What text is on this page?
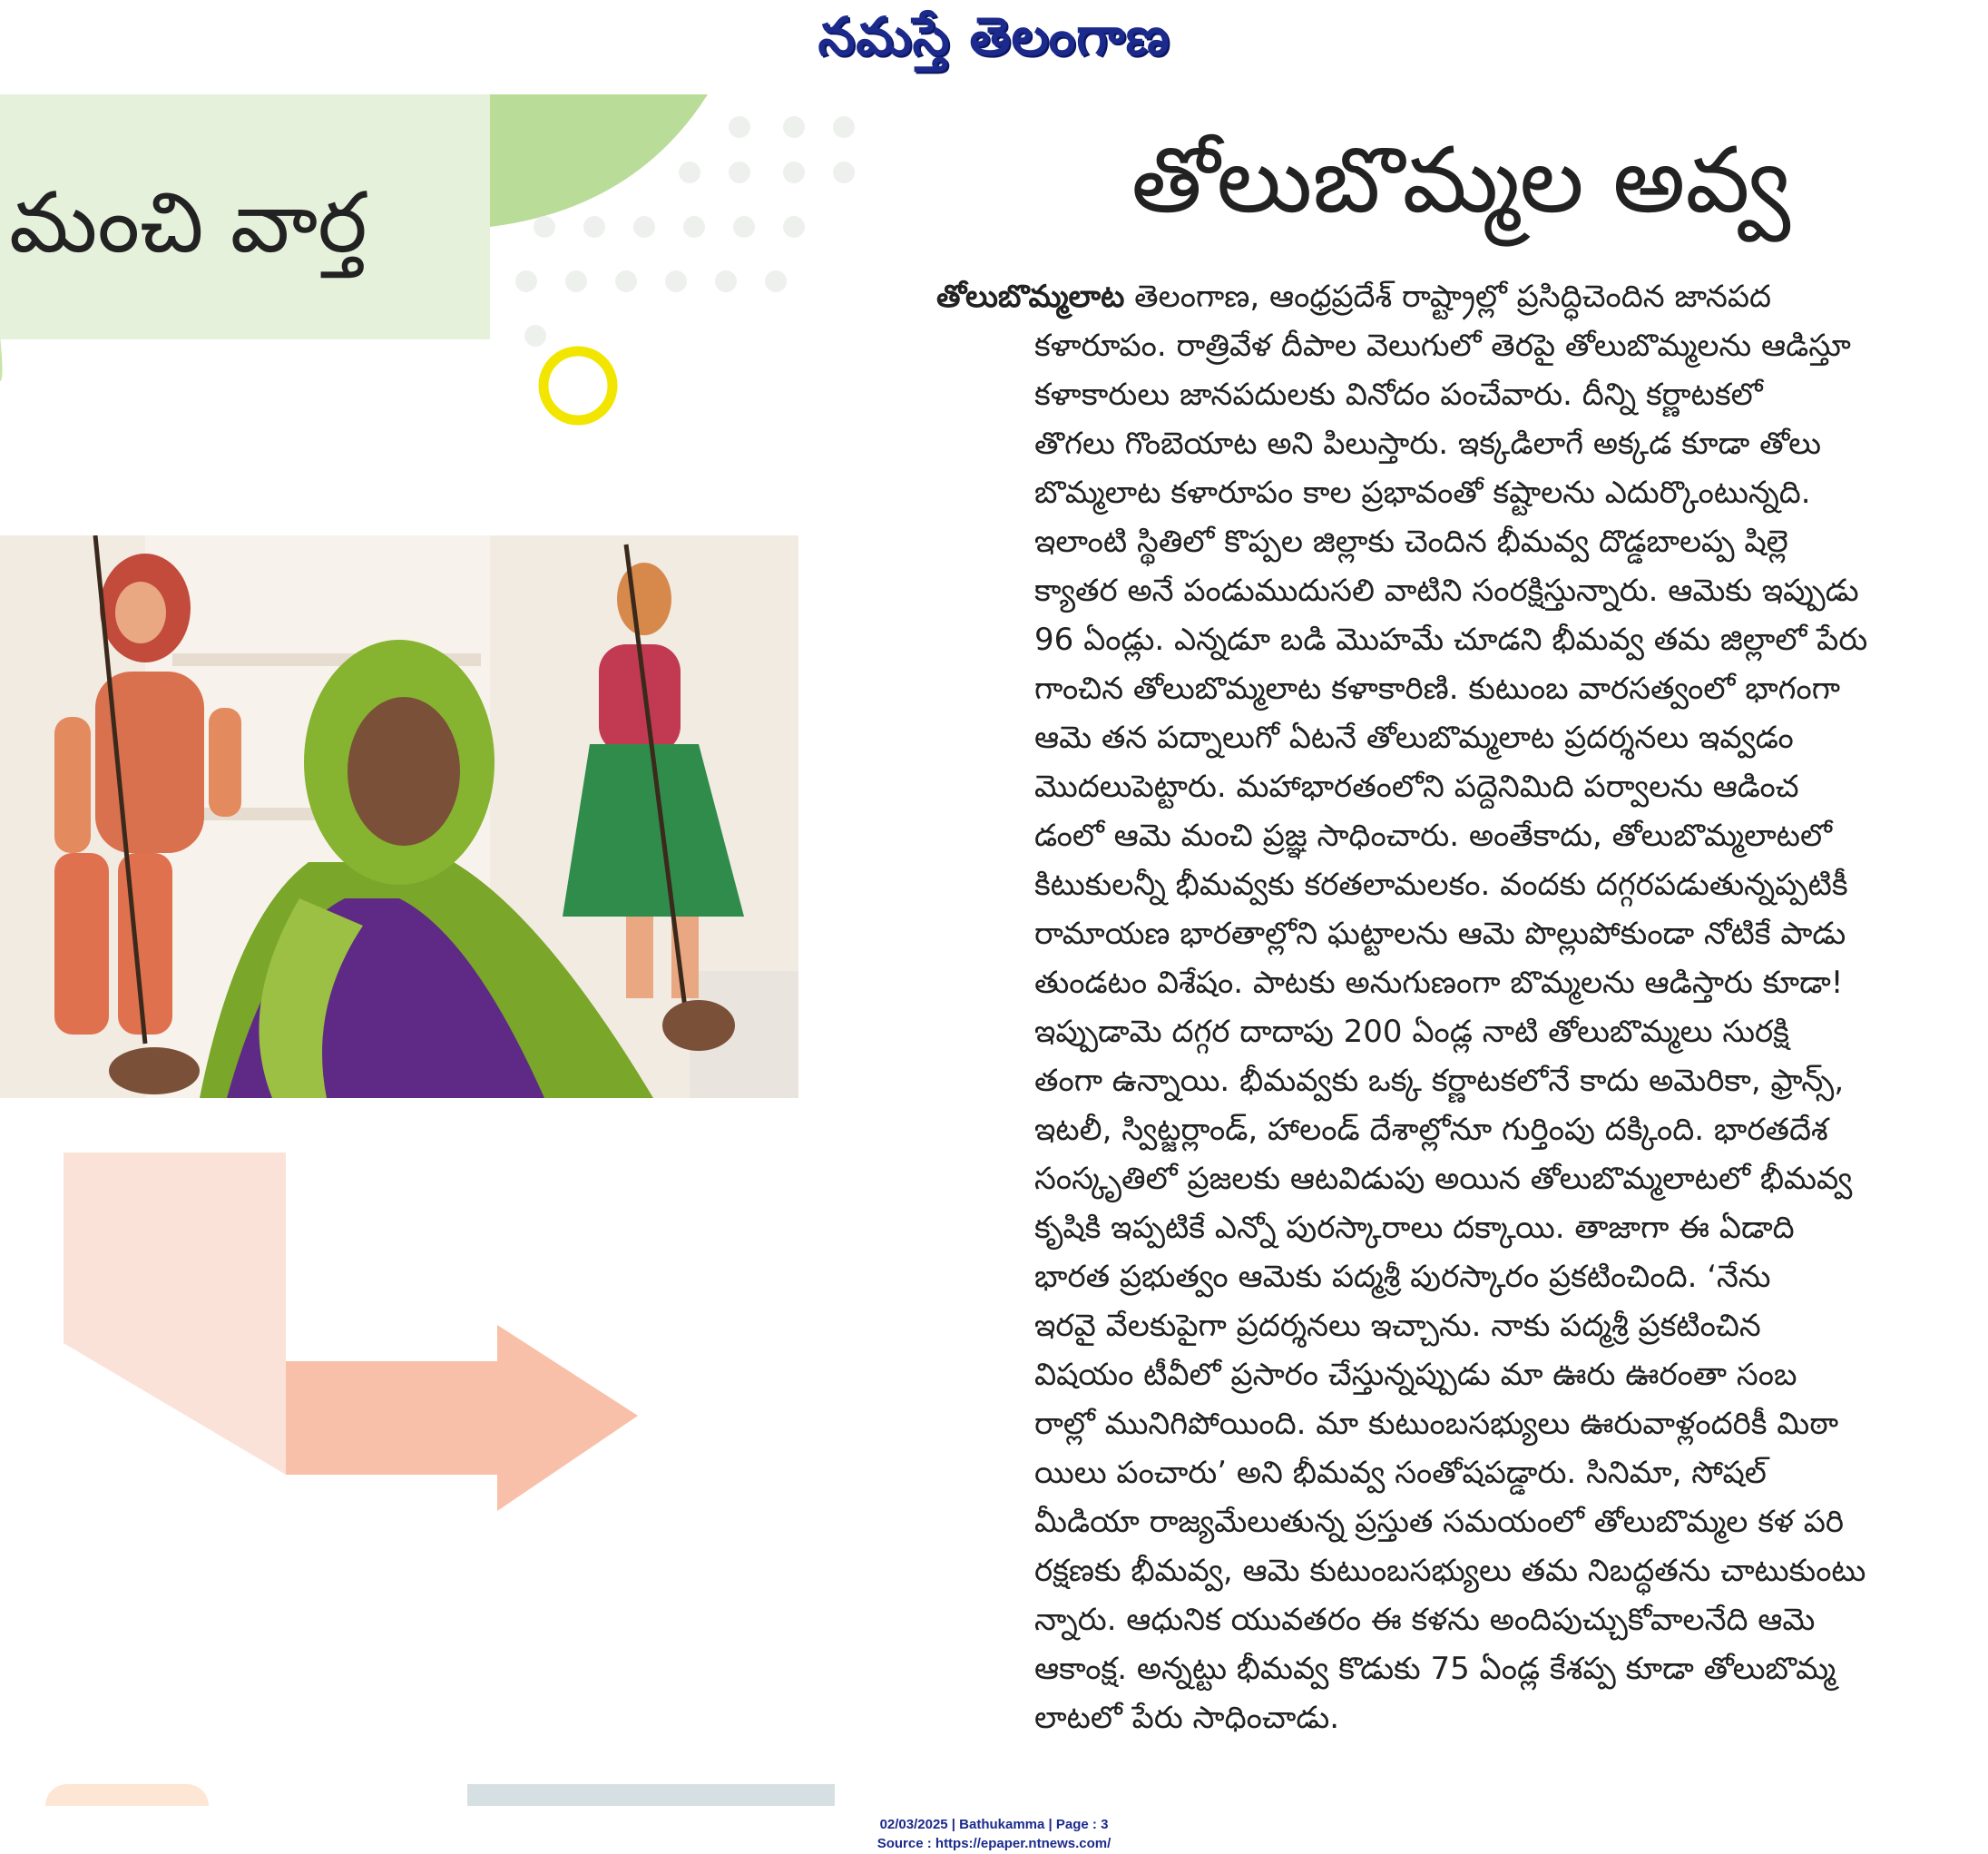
నమస్తే తెలంగాణ
మంచి వార్త	తోలుబొమ్మల అవ్వ
తోలుబొమ్మలాట తెలంగాణ, ఆంధ్రప్రదేశ్ రాష్ట్రాల్లో ప్రసిద్ధిచెందిన జానపద
కళారూపం. రాత్రివేళ దీపాల వెలుగులో తెరపై తోలుబొమ్మలను ఆడిస్తూ
కళాకారులు జానపదులకు వినోదం పంచేవారు. దీన్ని కర్ణాటకలో
తొగలు గొంబెయాట అని పిలుస్తారు. ఇక్కడిలాగే అక్కడ కూడా తోలు
బొమ్మలాట కళారూపం కాల ప్రభావంతో కష్టాలను ఎదుర్కొంటున్నది.
ఇలాంటి స్థితిలో కొప్పల జిల్లాకు చెందిన భీమవ్వ దొడ్డబాలప్ప షిల్లె
క్యాతర అనే పండుముదుసలి వాటిని సంరక్షిస్తున్నారు. ఆమెకు ఇప్పుడు
96 ఏండ్లు. ఎన్నడూ బడి మొహమే చూడని భీమవ్వ తమ జిల్లాలో పేరు
గాంచిన తోలుబొమ్మలాట కళాకారిణి. కుటుంబ వారసత్వంలో భాగంగా
ఆమె తన పద్నాలుగో ఏటనే తోలుబొమ్మలాట ప్రదర్శనలు ఇవ్వడం
మొదలుపెట్టారు. మహాభారతంలోని పద్దెనిమిది పర్వాలను ఆడించ
డంలో ఆమె మంచి ప్రజ్ఞ సాధించారు. అంతేకాదు, తోలుబొమ్మలాటలో
కిటుకులన్నీ భీమవ్వకు కరతలామలకం. వందకు దగ్గరపడుతున్నప్పటికీ
రామాయణ భారతాల్లోని ఘట్టాలను ఆమె పొల్లుపోకుండా నోటికే పాడు
తుండటం విశేషం. పాటకు అనుగుణంగా బొమ్మలను ఆడిస్తారు కూడా!
ఇప్పుడామె దగ్గర దాదాపు 200 ఏండ్ల నాటి తోలుబొమ్మలు సురక్షి
తంగా ఉన్నాయి. భీమవ్వకు ఒక్క కర్ణాటకలోనే కాదు అమెరికా, ఫ్రాన్స్,
ఇటలీ, స్విట్జర్లాండ్, హాలండ్ దేశాల్లోనూ గుర్తింపు దక్కింది. భారతదేశ
సంస్కృతిలో ప్రజలకు ఆటవిడుపు అయిన తోలుబొమ్మలాటలో భీమవ్వ
కృషికి ఇప్పటికే ఎన్నో పురస్కారాలు దక్కాయి. తాజాగా ఈ ఏడాది
భారత ప్రభుత్వం ఆమెకు పద్మశ్రీ పురస్కారం ప్రకటించింది. ‘నేను
ఇరవై వేలకుపైగా ప్రదర్శనలు ఇచ్చాను. నాకు పద్మశ్రీ ప్రకటించిన
విషయం టీవీలో ప్రసారం చేస్తున్నప్పుడు మా ఊరు ఊరంతా సంబ
రాల్లో మునిగిపోయింది. మా కుటుంబసభ్యులు ఊరువాళ్లందరికీ మిఠా
యిలు పంచారు’ అని భీమవ్వ సంతోషపడ్డారు. సినిమా, సోషల్
మీడియా రాజ్యమేలుతున్న ప్రస్తుత సమయంలో తోలుబొమ్మల కళ పరి
రక్షణకు భీమవ్వ, ఆమె కుటుంబసభ్యులు తమ నిబద్ధతను చాటుకుంటు
న్నారు. ఆధునిక యువతరం ఈ కళను అందిపుచ్చుకోవాలనేది ఆమె
ఆకాంక్ష. అన్నట్టు భీమవ్వ కొడుకు 75 ఏండ్ల కేశప్ప కూడా తోలుబొమ్మ
లాటలో పేరు సాధించాడు.
02/03/2025 | Bathukamma | Page : 3
Source : https://epaper.ntnews.com/
